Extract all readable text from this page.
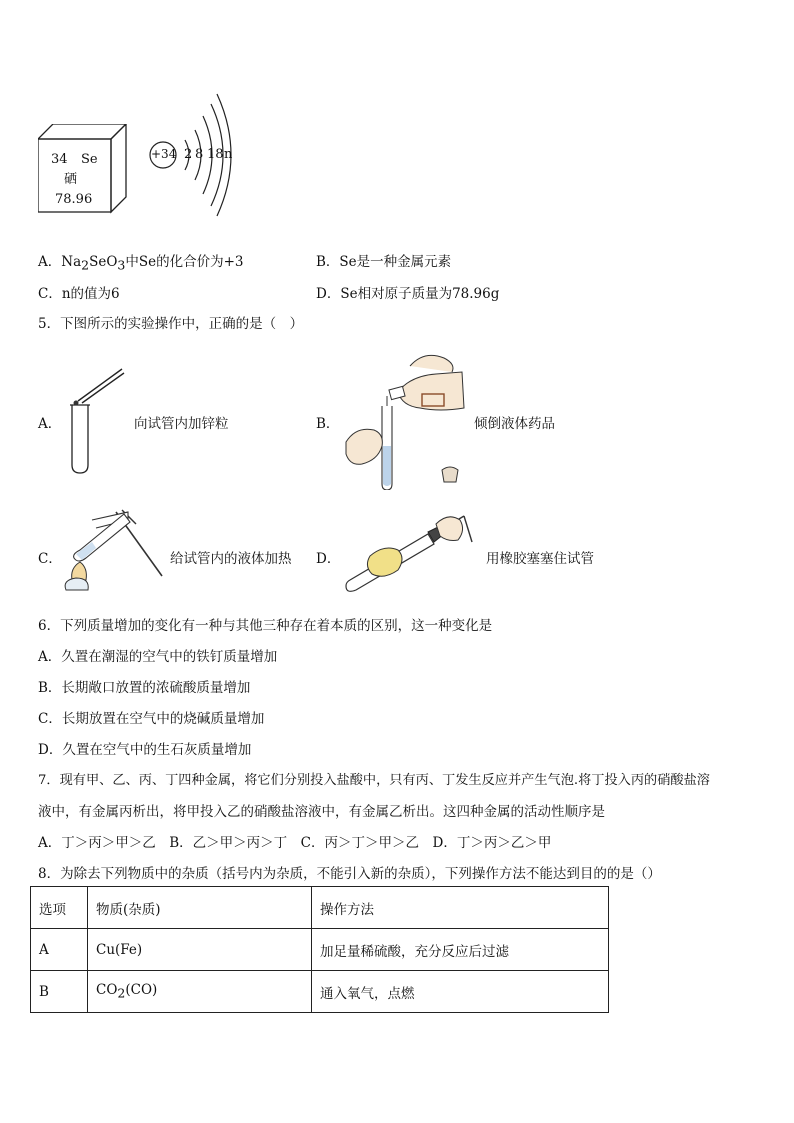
34 Se
硒
78.96
+34 2 8 18 n
A．$Na_2SeO_3$中Se的化合价为+3	B．Se是一种金属元素
C．n的值为6	D．Se相对原子质量为78.96g
5．下图所示的实验操作中，正确的是（　）
A．	向试管内加锌粒	B．	倾倒液体药品
C．	给试管内的液体加热 D．	用橡胶塞塞住试管
6．下列质量增加的变化有一种与其他三种存在着本质的区别，这一种变化是
A．久置在潮湿的空气中的铁钉质量增加
B．长期敞口放置的浓硫酸质量增加
C．长期放置在空气中的烧碱质量增加
D．久置在空气中的生石灰质量增加
7．现有甲、乙、丙、丁四种金属，将它们分别投入盐酸中，只有丙、丁发生反应并产生气泡.将丁投入丙的硝酸盐溶
液中，有金属丙析出，将甲投入乙的硝酸盐溶液中，有金属乙析出。这四种金属的活动性顺序是
A．丁＞丙＞甲＞乙　B．乙＞甲＞丙＞丁　C．丙＞丁＞甲＞乙　D．丁＞丙＞乙＞甲
8．为除去下列物质中的杂质（括号内为杂质，不能引入新的杂质），下列操作方法不能达到目的的是（）
选项	物质(杂质)	操作方法
A	Cu(Fe)	加足量稀硫酸，充分反应后过滤
B	$CO_2(CO)$	通入氧气，点燃
